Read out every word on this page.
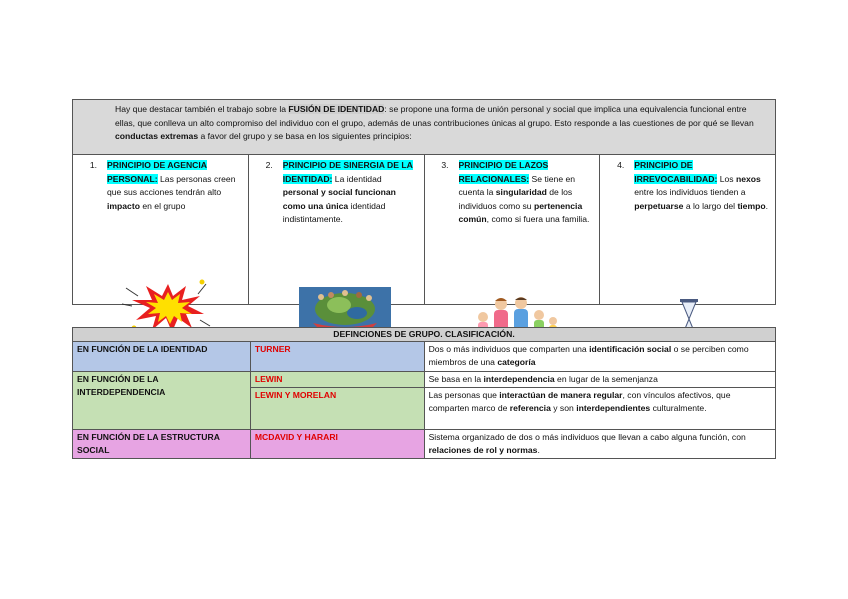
Hay que destacar también el trabajo sobre la FUSIÓN DE IDENTIDAD: se propone una forma de unión personal y social que implica una equivalencia funcional entre ellas, que conlleva un alto compromiso del individuo con el grupo, además de unas contribuciones únicas al grupo. Esto responde a las cuestiones de por qué se llevan conductas extremas a favor del grupo y se basa en los siguientes principios:
1.	PRINCIPIO DE AGENCIA PERSONAL: Las personas creen que sus acciones tendrán alto impacto en el grupo
2.	PRINCIPIO DE SINERGIA DE LA IDENTIDAD: La identidad personal y social funcionan como una única identidad indistintamente.
3.	PRINCIPIO DE LAZOS RELACIONALES: Se tiene en cuenta la singularidad de los individuos como su pertenencia común, como si fuera una familia.
4.	PRINCIPIO DE IRREVOCABILIDAD: Los nexos entre los individuos tienden a perpetuarse a lo largo del tiempo.
DEFINCIONES DE GRUPO. CLASIFICACIÓN.		
EN FUNCIÓN DE LA IDENTIDAD	TURNER	Dos o más individuos que comparten una identificación social o se perciben como miembros de una categoría
EN FUNCIÓN DE LA INTERDEPENDENCIA	LEWIN	Se basa en la interdependencia en lugar de la semenjanza
	LEWIN Y MORELAN	Las personas que interactúan de manera regular, con vínculos afectivos, que comparten marco de referencia y son interdependientes culturalmente.
EN FUNCIÓN DE LA ESTRUCTURA SOCIAL	MCDAVID Y HARARI	Sistema organizado de dos o más individuos que llevan a cabo alguna función, con relaciones de rol y normas.
